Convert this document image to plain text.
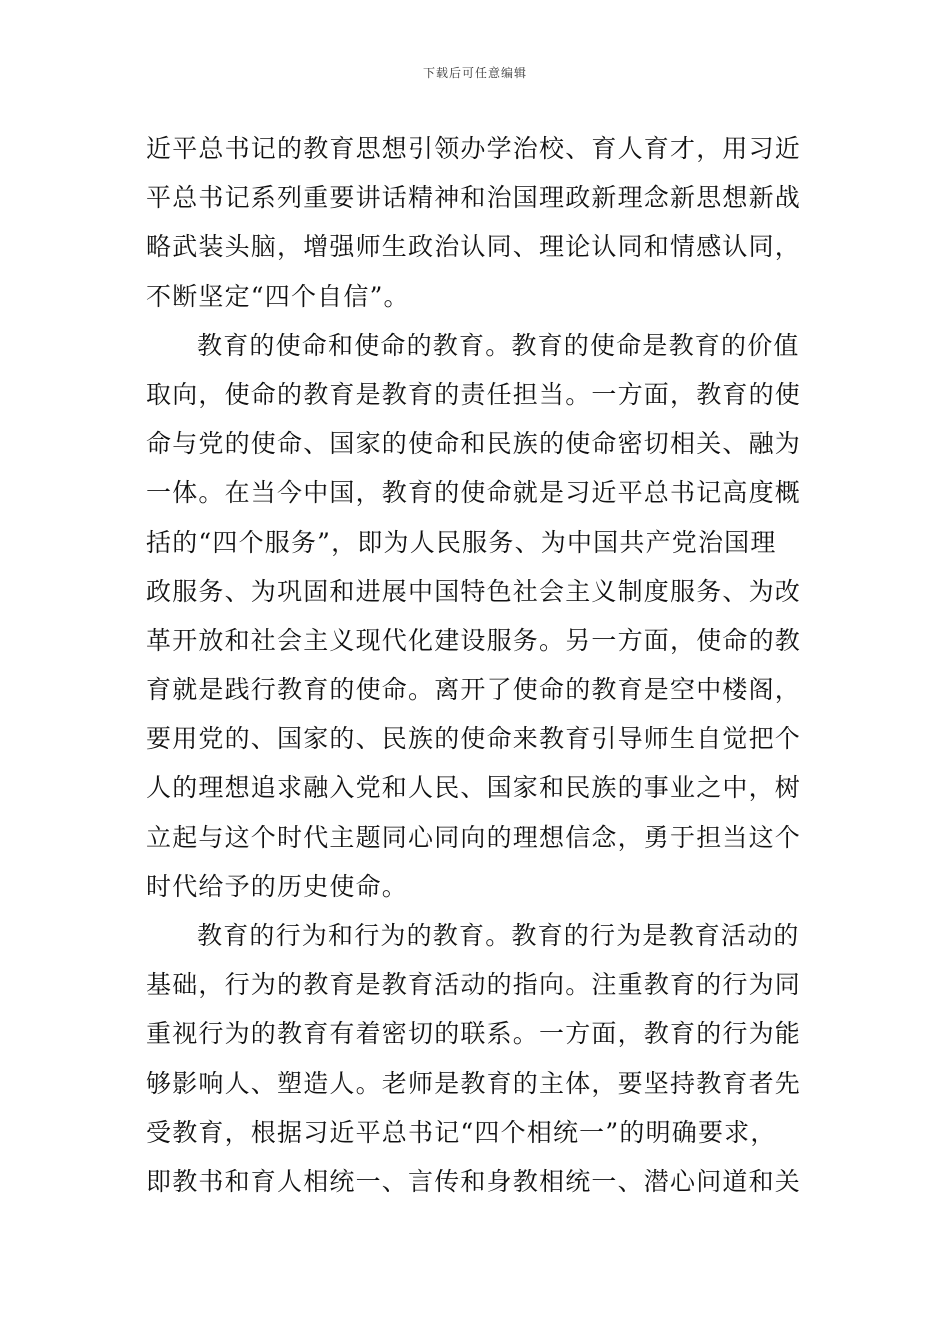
下载后可任意编辑
近平总书记的教育思想引领办学治校、育人育才，用习近
平总书记系列重要讲话精神和治国理政新理念新思想新战
略武装头脑，增强师生政治认同、理论认同和情感认同，
不断坚定“四个自信”。
教育的使命和使命的教育。教育的使命是教育的价值
取向，使命的教育是教育的责任担当。一方面，教育的使
命与党的使命、国家的使命和民族的使命密切相关、融为
一体。在当今中国，教育的使命就是习近平总书记高度概
括的“四个服务”，即为人民服务、为中国共产党治国理
政服务、为巩固和进展中国特色社会主义制度服务、为改
革开放和社会主义现代化建设服务。另一方面，使命的教
育就是践行教育的使命。离开了使命的教育是空中楼阁，
要用党的、国家的、民族的使命来教育引导师生自觉把个
人的理想追求融入党和人民、国家和民族的事业之中，树
立起与这个时代主题同心同向的理想信念，勇于担当这个
时代给予的历史使命。
教育的行为和行为的教育。教育的行为是教育活动的
基础，行为的教育是教育活动的指向。注重教育的行为同
重视行为的教育有着密切的联系。一方面，教育的行为能
够影响人、塑造人。老师是教育的主体，要坚持教育者先
受教育，根据习近平总书记“四个相统一”的明确要求，
即教书和育人相统一、言传和身教相统一、潜心问道和关
